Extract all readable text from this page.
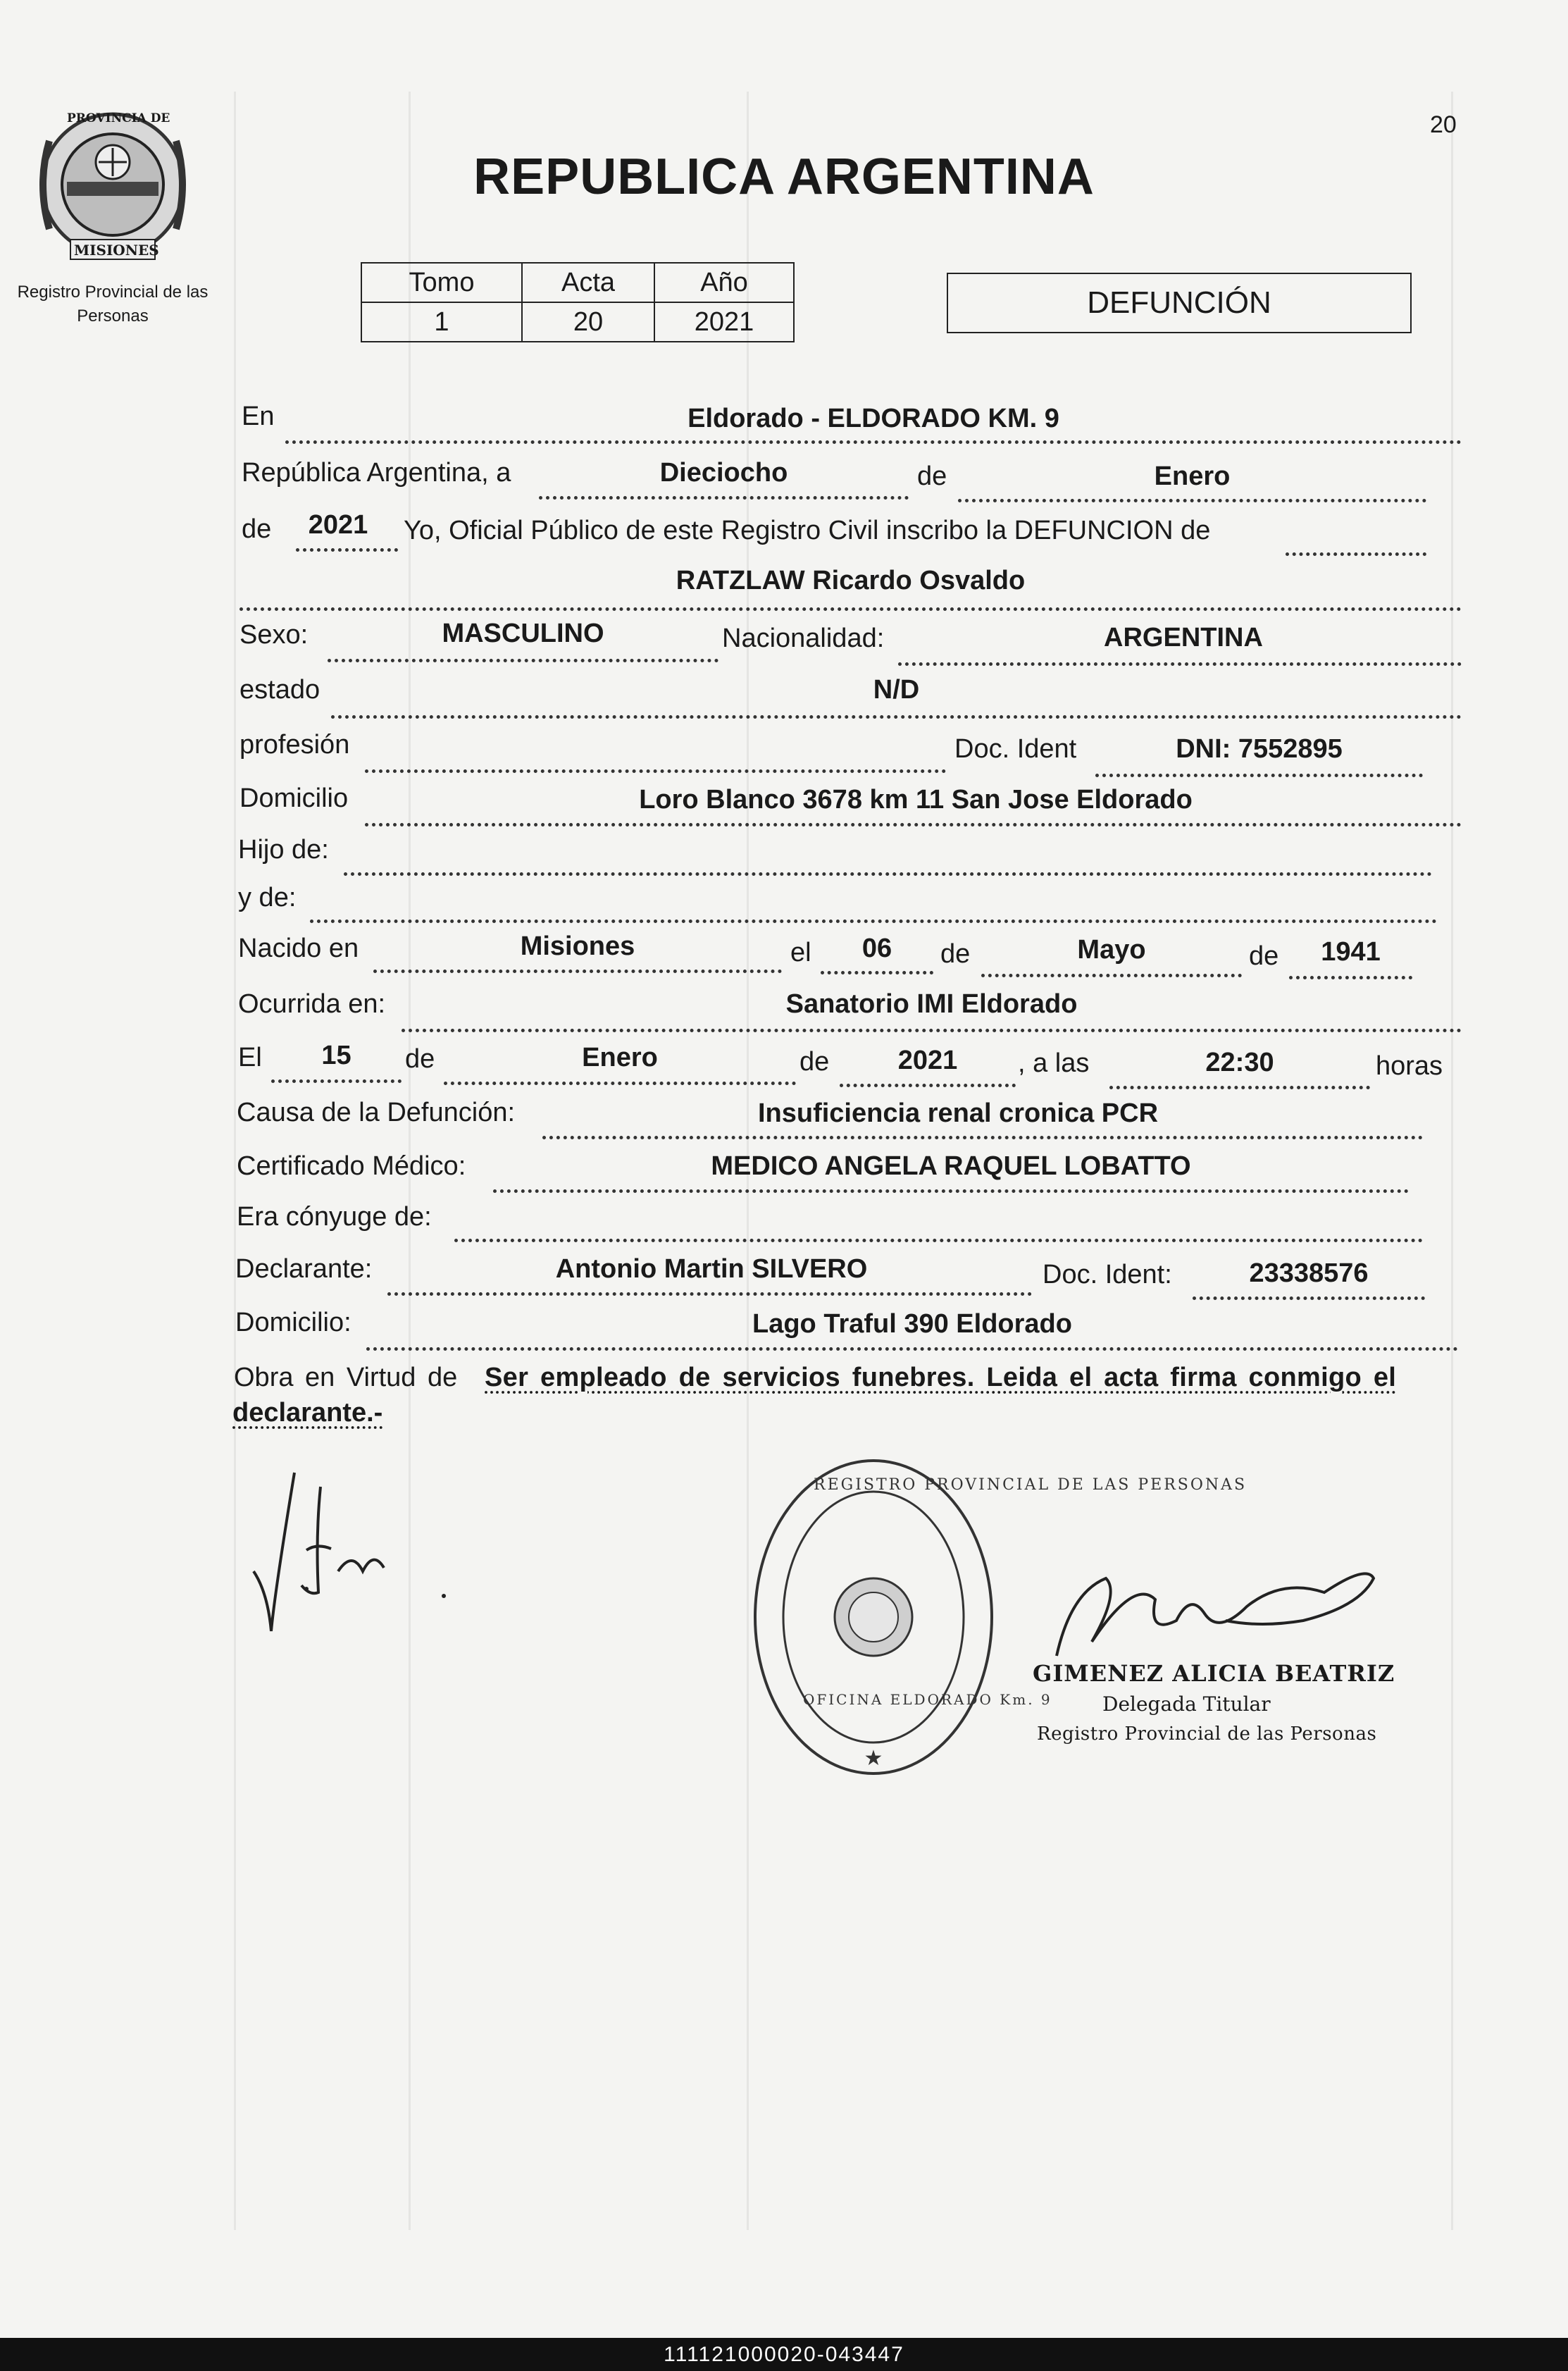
PROVINCIA DE
MISIONES
Registro Provincial de las Personas
20
REPUBLICA ARGENTINA
Tomo	Acta	Año
1	20	2021
DEFUNCIÓN
En	Eldorado - ELDORADO KM. 9
República Argentina, a	Dieciocho	de	Enero
de	2021	Yo, Oficial Público de este Registro Civil inscribo la DEFUNCION de
RATZLAW Ricardo Osvaldo
Sexo:	MASCULINO	Nacionalidad:	ARGENTINA
estado	N/D
profesión	Doc. Ident	DNI: 7552895
Domicilio	Loro Blanco 3678 km 11 San Jose Eldorado
Hijo de:
y de:
Nacido en	Misiones	el	06	de	Mayo	de	1941
Ocurrida en:	Sanatorio IMI Eldorado
El	15	de	Enero	de	2021	, a las	22:30	horas
Causa de la Defunción:	Insuficiencia renal cronica PCR
Certificado Médico:	MEDICO ANGELA RAQUEL LOBATTO
Era cónyuge de:
Declarante:	Antonio Martin SILVERO	Doc. Ident:	23338576
Domicilio:	Lago Traful 390 Eldorado
Obra en Virtud de Ser empleado de servicios funebres. Leida el acta firma conmigo el
declarante.-
★
REGISTRO PROVINCIAL DE LAS PERSONAS
OFICINA ELDORADO Km. 9
GIMENEZ ALICIA BEATRIZ
Delegada Titular
Registro Provincial de las Personas
111121000020-043447
